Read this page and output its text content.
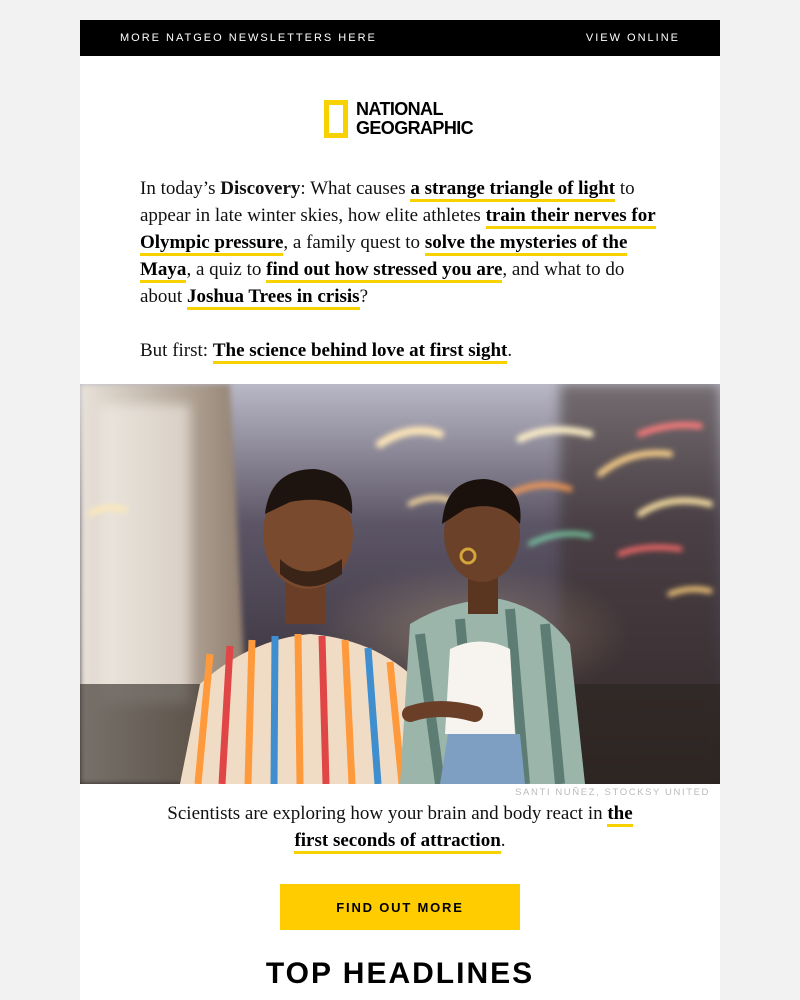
MORE NATGEO NEWSLETTERS HERE	VIEW ONLINE
NATIONAL
GEOGRAPHIC

In today’s Discovery: What causes a strange triangle of light to appear in late winter skies, how elite athletes train their nerves for Olympic pressure, a family quest to solve the mysteries of the Maya, a quiz to find out how stressed you are, and what to do about Joshua Trees in crisis?

But first: The science behind love at first sight.

SANTI NUÑEZ, STOCKSY UNITED
Scientists are exploring how your brain and body react in the first seconds of attraction.
FIND OUT MORE
TOP HEADLINES
